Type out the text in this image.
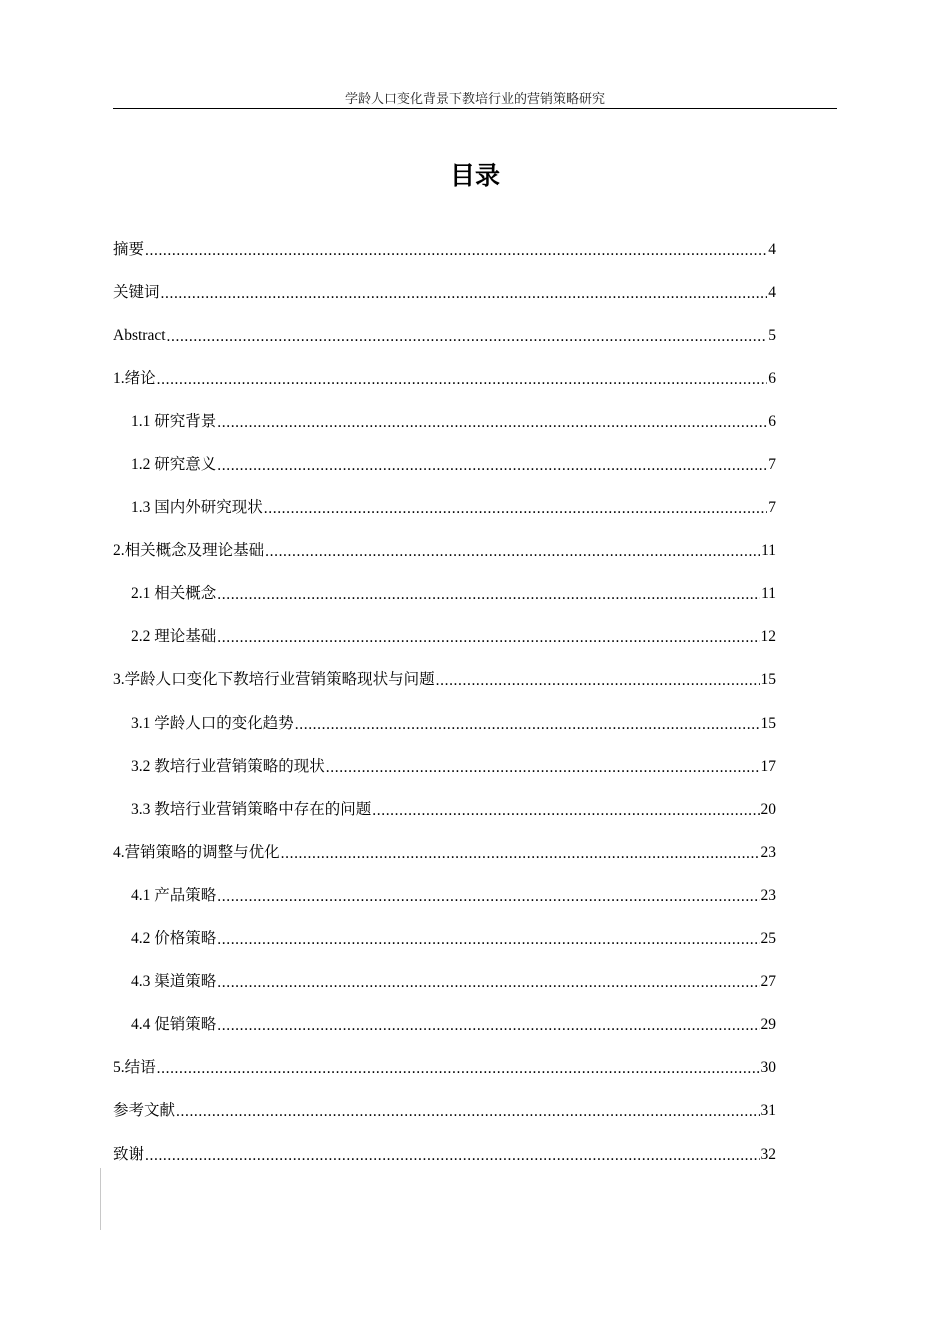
学龄人口变化背景下教培行业的营销策略研究
目录
摘要 .....	4
关键词 .....	4
Abstract .....	5
1.绪论 .....	6
1.1 研究背景 .....	6
1.2 研究意义 .....	7
1.3 国内外研究现状 .....	7
2.相关概念及理论基础 .....	11
2.1 相关概念 .....	11
2.2 理论基础 .....	12
3.学龄人口变化下教培行业营销策略现状与问题 .....	15
3.1 学龄人口的变化趋势 .....	15
3.2 教培行业营销策略的现状 .....	17
3.3 教培行业营销策略中存在的问题 .....	20
4.营销策略的调整与优化 .....	23
4.1 产品策略 .....	23
4.2 价格策略 .....	25
4.3 渠道策略 .....	27
4.4 促销策略 .....	29
5.结语 .....	30
参考文献 .....	31
致谢 .....	32
